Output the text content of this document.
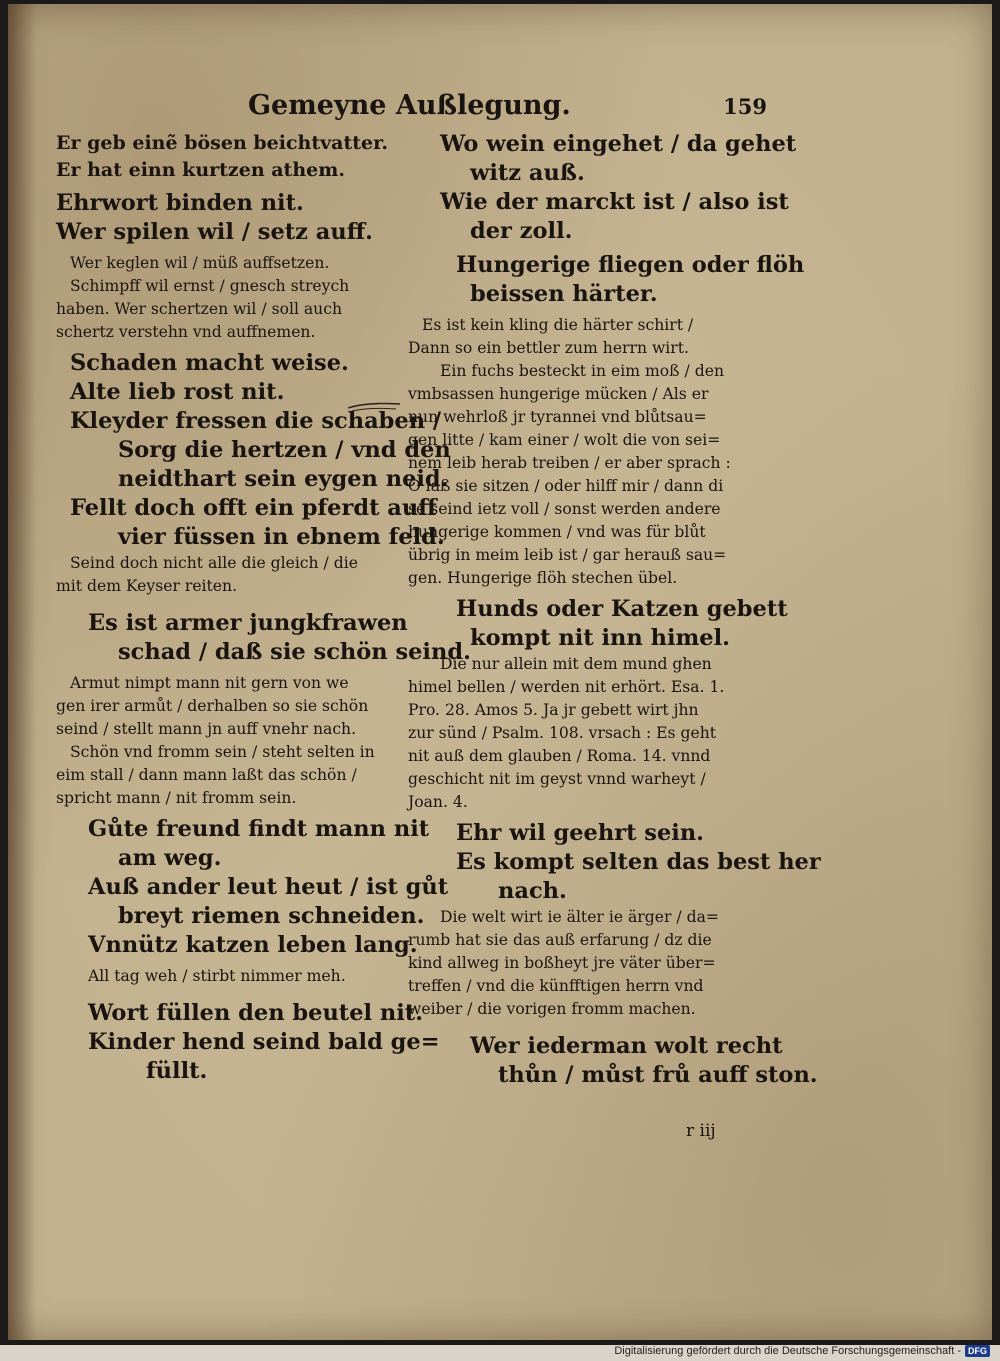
Gemeyne Außlegung.	159

Er geb einẽ bösen beichtvatter.

Er hat einn kurtzen athem.

Ehrwort binden nit.

Wer spilen wil / setz auff.

Wer keglen wil / müß auffsetzen.

Schimpff wil ernst / gnesch streych

haben. Wer schertzen wil / soll auch

schertz verstehn vnd auffnemen.

Schaden macht weise.

Alte lieb rost nit.

Kleyder fressen die schaben /

Sorg die hertzen / vnd den

neidthart sein eygen neid.

Fellt doch offt ein pferdt auff

vier füssen in ebnem feld.

Seind doch nicht alle die gleich / die

mit dem Keyser reiten.

Es ist armer jungkfrawen

schad / daß sie schön seind.

Armut nimpt mann nit gern von we

gen irer armůt / derhalben so sie schön

seind / stellt mann jn auff vnehr nach.

Schön vnd fromm sein / steht selten in

eim stall / dann mann laßt das schön /

spricht mann / nit fromm sein.

Gůte freund findt mann nit

am weg.

Auß ander leut heut / ist gůt

breyt riemen schneiden.

Vnnütz katzen leben lang.

All tag weh / stirbt nimmer meh.

Wort füllen den beutel nit.

Kinder hend seind bald ge=

füllt.

Wo wein eingehet / da gehet

witz auß.

Wie der marckt ist / also ist

der zoll.

Hungerige fliegen oder flöh

beissen härter.

Es ist kein kling die härter schirt /

Dann so ein bettler zum herrn wirt.

Ein fuchs besteckt in eim moß / den

vmbsassen hungerige mücken / Als er

nun wehrloß jr tyrannei vnd blůtsau=

gen litte / kam einer / wolt die von sei=

nem leib herab treiben / er aber sprach :

O laß sie sitzen / oder hilff mir / dann di

se seind ietz voll / sonst werden andere

hungerige kommen / vnd was für blůt

übrig in meim leib ist / gar herauß sau=

gen. Hungerige flöh stechen übel.

Hunds oder Katzen gebett

kompt nit inn himel.

Die nur allein mit dem mund ghen

himel bellen / werden nit erhört. Esa. 1.

Pro. 28. Amos 5. Ja jr gebett wirt jhn

zur sünd / Psalm. 108. vrsach : Es geht

nit auß dem glauben / Roma. 14. vnnd

geschicht nit im geyst vnnd warheyt /

Joan. 4.

Ehr wil geehrt sein.

Es kompt selten das best her

nach.

Die welt wirt ie älter ie ärger / da=

rumb hat sie das auß erfarung / dz die

kind allweg in boßheyt jre väter über=

treffen / vnd die künfftigen herrn vnd

weiber / die vorigen fromm machen.

Wer iederman wolt recht

thůn / můst frů auff ston.

r iij
Digitalisierung gefördert durch die Deutsche Forschungsgemeinschaft - DFG
